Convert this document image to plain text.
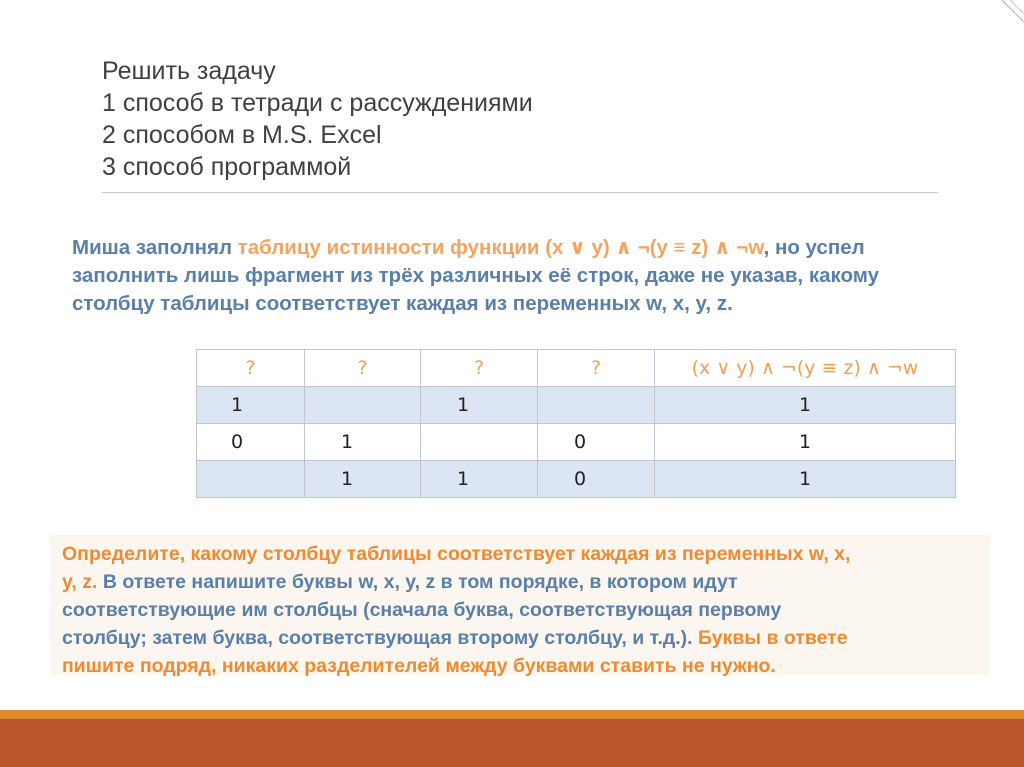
Решить задачу
1 способ в тетради с рассуждениями
2 способом в M.S. Excel
3 способ программой
Миша заполнял таблицу истинности функции (x ∨ y) ∧ ¬(y ≡ z) ∧ ¬w, но успел
заполнить лишь фрагмент из трёх различных её строк, даже не указав, какому
столбцу таблицы соответствует каждая из переменных w, x, y, z.
?	?	?	?	(x ∨ y) ∧ ¬(y ≡ z) ∧ ¬w
1		1		1
0	1		0	1
	1	1	0	1
Определите, какому столбцу таблицы соответствует каждая из переменных w, x,
y, z. В ответе напишите буквы w, x, y, z в том порядке, в котором идут
соответствующие им столбцы (сначала буква, соответствующая первому
столбцу; затем буква, соответствующая второму столбцу, и т.д.). Буквы в ответе
пишите подряд, никаких разделителей между буквами ставить не нужно.
